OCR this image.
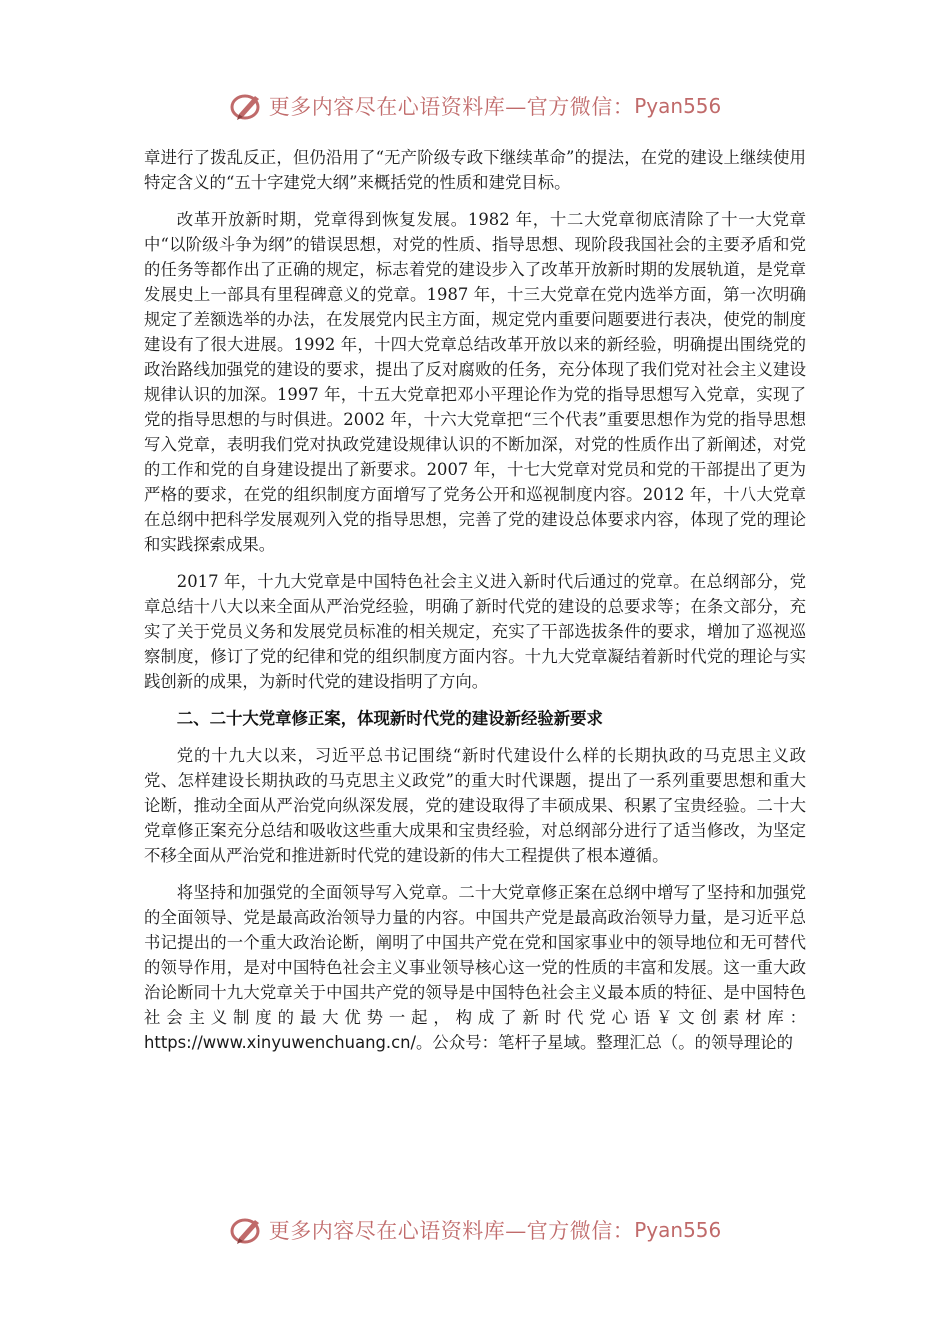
更多内容尽在心语资料库—官方微信： Pyan556

章进行了拨乱反正，但仍沿用了“无产阶级专政下继续革命”的提法，在党的建设上继续使用特定含义的“五十字建党大纲”来概括党的性质和建党目标。

改革开放新时期，党章得到恢复发展。1982 年，十二大党章彻底清除了十一大党章中“以阶级斗争为纲”的错误思想，对党的性质、指导思想、现阶段我国社会的主要矛盾和党的任务等都作出了正确的规定，标志着党的建设步入了改革开放新时期的发展轨道，是党章发展史上一部具有里程碑意义的党章。1987 年，十三大党章在党内选举方面，第一次明确规定了差额选举的办法，在发展党内民主方面，规定党内重要问题要进行表决，使党的制度建设有了很大进展。1992 年，十四大党章总结改革开放以来的新经验，明确提出围绕党的政治路线加强党的建设的要求，提出了反对腐败的任务，充分体现了我们党对社会主义建设规律认识的加深。1997 年，十五大党章把邓小平理论作为党的指导思想写入党章，实现了党的指导思想的与时俱进。2002 年，十六大党章把“三个代表”重要思想作为党的指导思想写入党章，表明我们党对执政党建设规律认识的不断加深，对党的性质作出了新阐述，对党的工作和党的自身建设提出了新要求。2007 年，十七大党章对党员和党的干部提出了更为严格的要求，在党的组织制度方面增写了党务公开和巡视制度内容。2012 年，十八大党章在总纲中把科学发展观列入党的指导思想，完善了党的建设总体要求内容，体现了党的理论和实践探索成果。

2017 年，十九大党章是中国特色社会主义进入新时代后通过的党章。在总纲部分，党章总结十八大以来全面从严治党经验，明确了新时代党的建设的总要求等；在条文部分，充实了关于党员义务和发展党员标准的相关规定，充实了干部选拔条件的要求，增加了巡视巡察制度，修订了党的纪律和党的组织制度方面内容。十九大党章凝结着新时代党的理论与实践创新的成果，为新时代党的建设指明了方向。

二、二十大党章修正案，体现新时代党的建设新经验新要求

党的十九大以来，习近平总书记围绕“新时代建设什么样的长期执政的马克思主义政党、怎样建设长期执政的马克思主义政党”的重大时代课题，提出了一系列重要思想和重大论断，推动全面从严治党向纵深发展，党的建设取得了丰硕成果、积累了宝贵经验。二十大党章修正案充分总结和吸收这些重大成果和宝贵经验，对总纲部分进行了适当修改，为坚定不移全面从严治党和推进新时代党的建设新的伟大工程提供了根本遵循。

将坚持和加强党的全面领导写入党章。二十大党章修正案在总纲中增写了坚持和加强党的全面领导、党是最高政治领导力量的内容。中国共产党是最高政治领导力量，是习近平总书记提出的一个重大政治论断，阐明了中国共产党在党和国家事业中的领导地位和无可替代的领导作用，是对中国特色社会主义事业领导核心这一党的性质的丰富和发展。这一重大政治论断同十九大党章关于中国共产党的领导是中国特色社会主义最本质的特征、是中国特色社会主义制度的最大优势一起，构成了新时代党心语￥文创素材库：https://www.xinyuwenchuang.cn/。公众号：笔杆子星域。整理汇总（。的领导理论的

更多内容尽在心语资料库—官方微信： Pyan556
